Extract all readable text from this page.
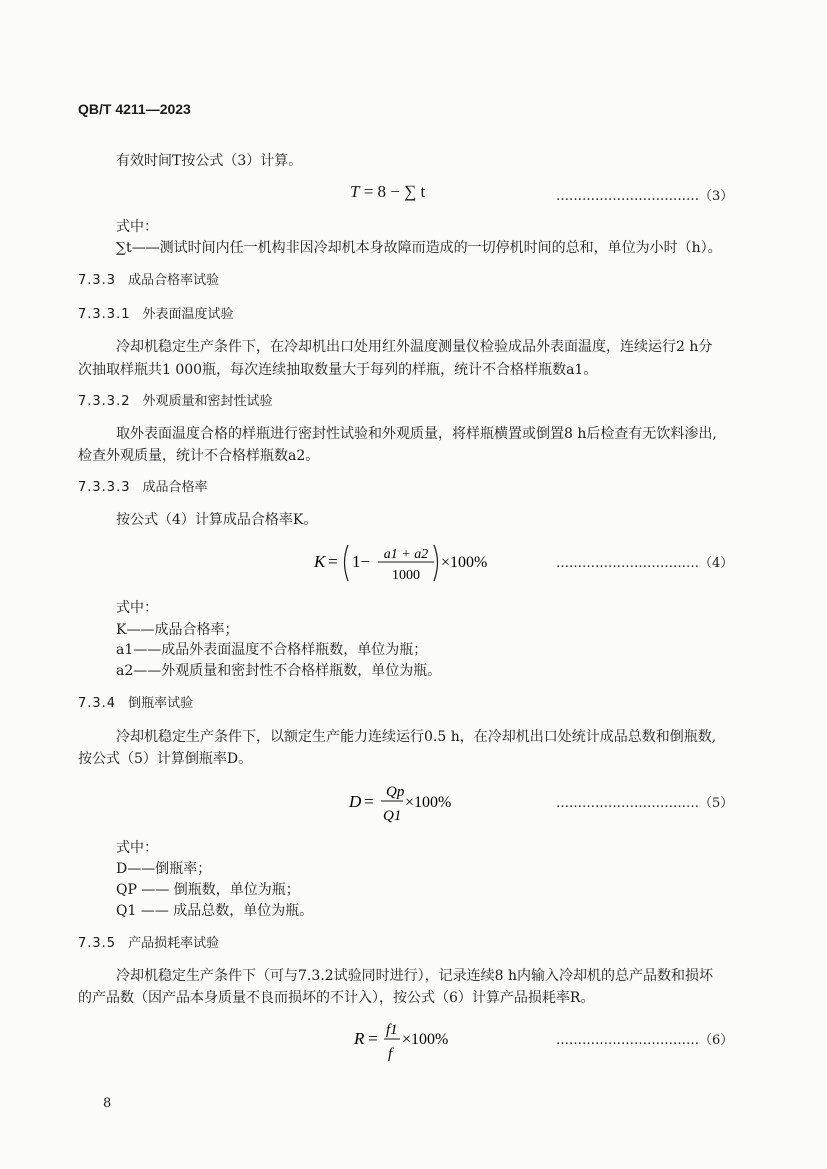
QB/T 4211—2023
有效时间T按公式（3）计算。
T = 8 − ∑ t	……………………………（3）
式中：
∑t——测试时间内任一机构非因冷却机本身故障而造成的一切停机时间的总和，单位为小时（h）。
7.3.3 成品合格率试验
7.3.3.1 外表面温度试验
冷却机稳定生产条件下，在冷却机出口处用红外温度测量仪检验成品外表面温度，连续运行2 h分
次抽取样瓶共1 000瓶，每次连续抽取数量大于每列的样瓶，统计不合格样瓶数a1。
7.3.3.2 外观质量和密封性试验
取外表面温度合格的样瓶进行密封性试验和外观质量，将样瓶横置或倒置8 h后检查有无饮料渗出,
检查外观质量，统计不合格样瓶数a2。
7.3.3.3 成品合格率
按公式（4）计算成品合格率K。
K = 1− a1 + a2
1000
×100%	……………………………（4）
式中：
K——成品合格率；
a1——成品外表面温度不合格样瓶数，单位为瓶；
a2——外观质量和密封性不合格样瓶数，单位为瓶。
7.3.4 倒瓶率试验
冷却机稳定生产条件下，以额定生产能力连续运行0.5 h，在冷却机出口处统计成品总数和倒瓶数,
按公式（5）计算倒瓶率D。
D = Qp
Q1
×100%	……………………………（5）
式中：
D——倒瓶率；
QP —— 倒瓶数，单位为瓶；
Q1 —— 成品总数，单位为瓶。
7.3.5 产品损耗率试验
冷却机稳定生产条件下（可与7.3.2试验同时进行），记录连续8 h内输入冷却机的总产品数和损坏
的产品数（因产品本身质量不良而损坏的不计入），按公式（6）计算产品损耗率R。
R = f1
f
×100%	……………………………（6）
8
